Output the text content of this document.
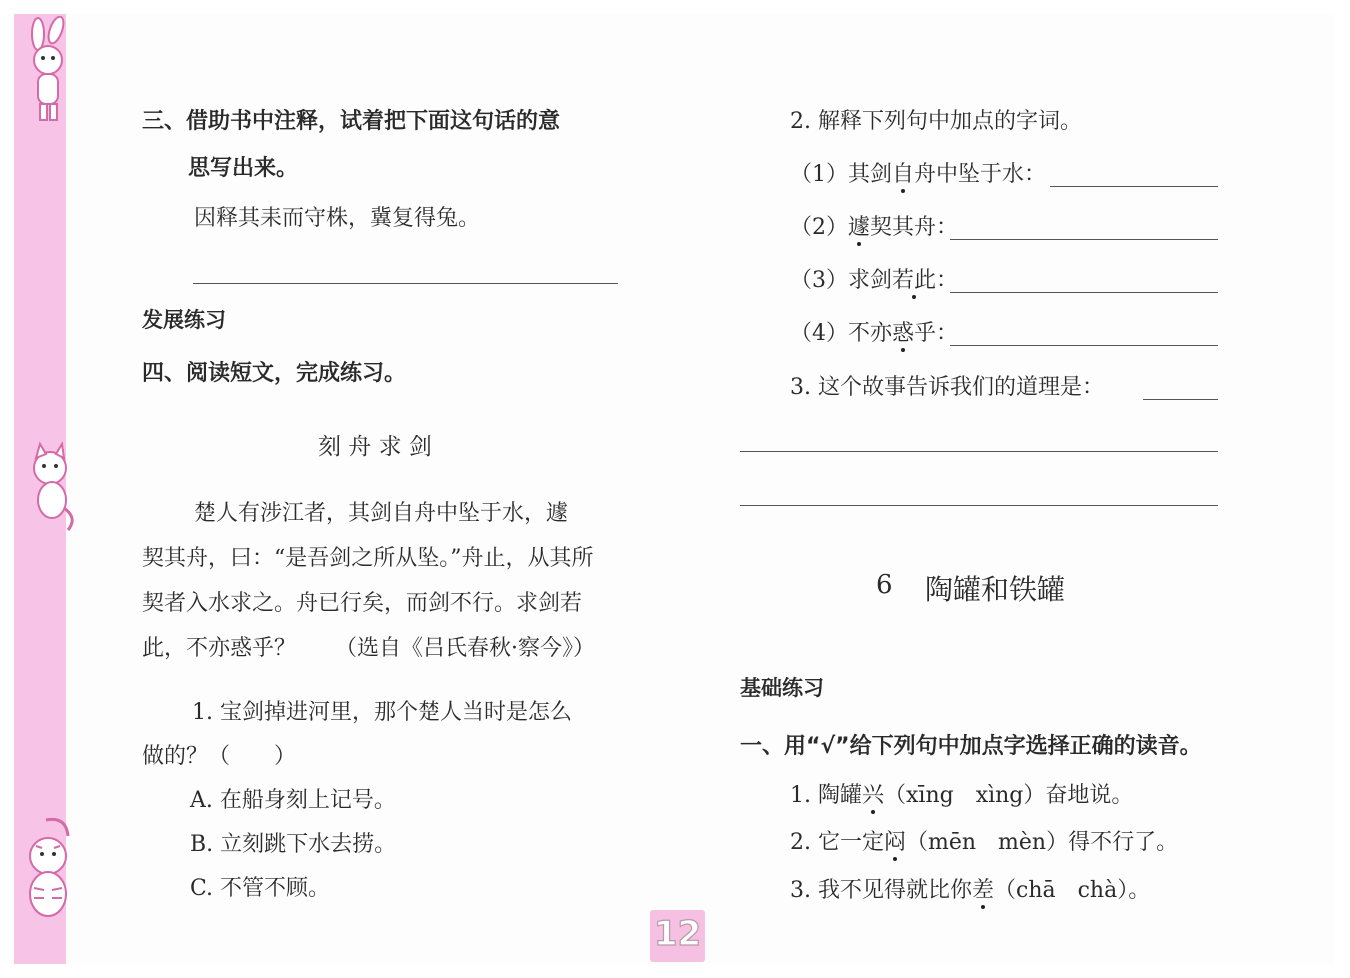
三、借助书中注释，试着把下面这句话的意
思写出来。
因释其耒而守株，冀复得兔。
发展练习
四、阅读短文，完成练习。
刻 舟 求 剑
楚人有涉江者，其剑自舟中坠于水，遽
契其舟，曰：“是吾剑之所从坠。”舟止，从其所
契者入水求之。舟已行矣，而剑不行。求剑若
此，不亦惑乎？ （选自《吕氏春秋·察今》）
1. 宝剑掉进河里，那个楚人当时是怎么
做的？（　　）
A. 在船身刻上记号。
B. 立刻跳下水去捞。
C. 不管不顾。
2. 解释下列句中加点的字词。
（1）其剑自舟中坠于水：
（2）遽契其舟：
（3）求剑若此：
（4）不亦惑乎：
3. 这个故事告诉我们的道理是：
6 陶罐和铁罐
基础练习
一、用“√”给下列句中加点字选择正确的读音。
1. 陶罐兴（xīng　xìng）奋地说。
2. 它一定闷（mēn　mèn）得不行了。
3. 我不见得就比你差（chā　chà）。
12
